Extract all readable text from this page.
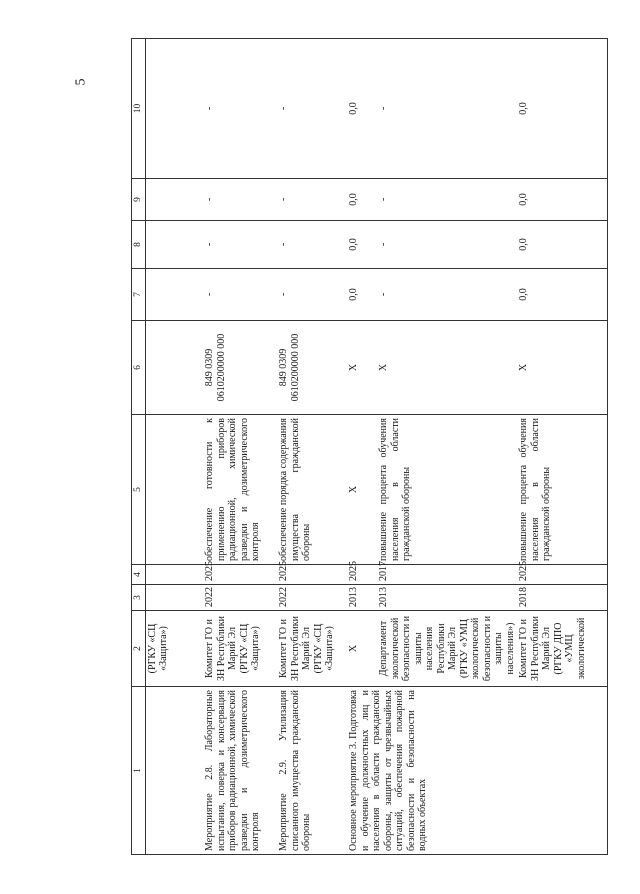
5
1	2	3	4	5	6	7	8	9	10
	(РГКУ «СЦ «Защита»)								
Мероприятие 2.8. Лабораторные испытания, поверка и консервация приборов радиационной, химической разведки и дозиметрического контроля	Комитет ГО и ЗН Республики Марий Эл (РГКУ «СЦ «Защита»)	2022	2025	обеспечение готовности к применению приборов радиационной, химической разведки и дозиметрического контроля	849 0309 0610200000 000	-	-	-	-
Мероприятие 2.9. Утилизация списанного имущества гражданской обороны	Комитет ГО и ЗН Республики Марий Эл (РГКУ «СЦ «Защита»)	2022	2025	обеспечение порядка содержания имущества гражданской обороны	849 0309 0610200000 000	-	-	-	-
Основное мероприятие 3. Подготовка и обучение должностных лиц и населения в области гражданской обороны, защиты от чрезвычайных ситуаций, обеспечения пожарной безопасности и безопасности на водных объектах	X	2013	2025	X	X	0,0	0,0	0,0	0,0
	Департамент экологической безопасности и защиты населения Республики Марий Эл (РГКУ «УМЦ экологической безопасности и защиты населения»)	2013	2017	повышение процента обучения населения в области гражданской обороны	X	-	-	-	-
	Комитет ГО и ЗН Республики Марий Эл (РГКУ ДПО «УМЦ экологической	2018	2025	повышение процента обучения населения в области гражданской обороны	X	0,0	0,0	0,0	0,0
